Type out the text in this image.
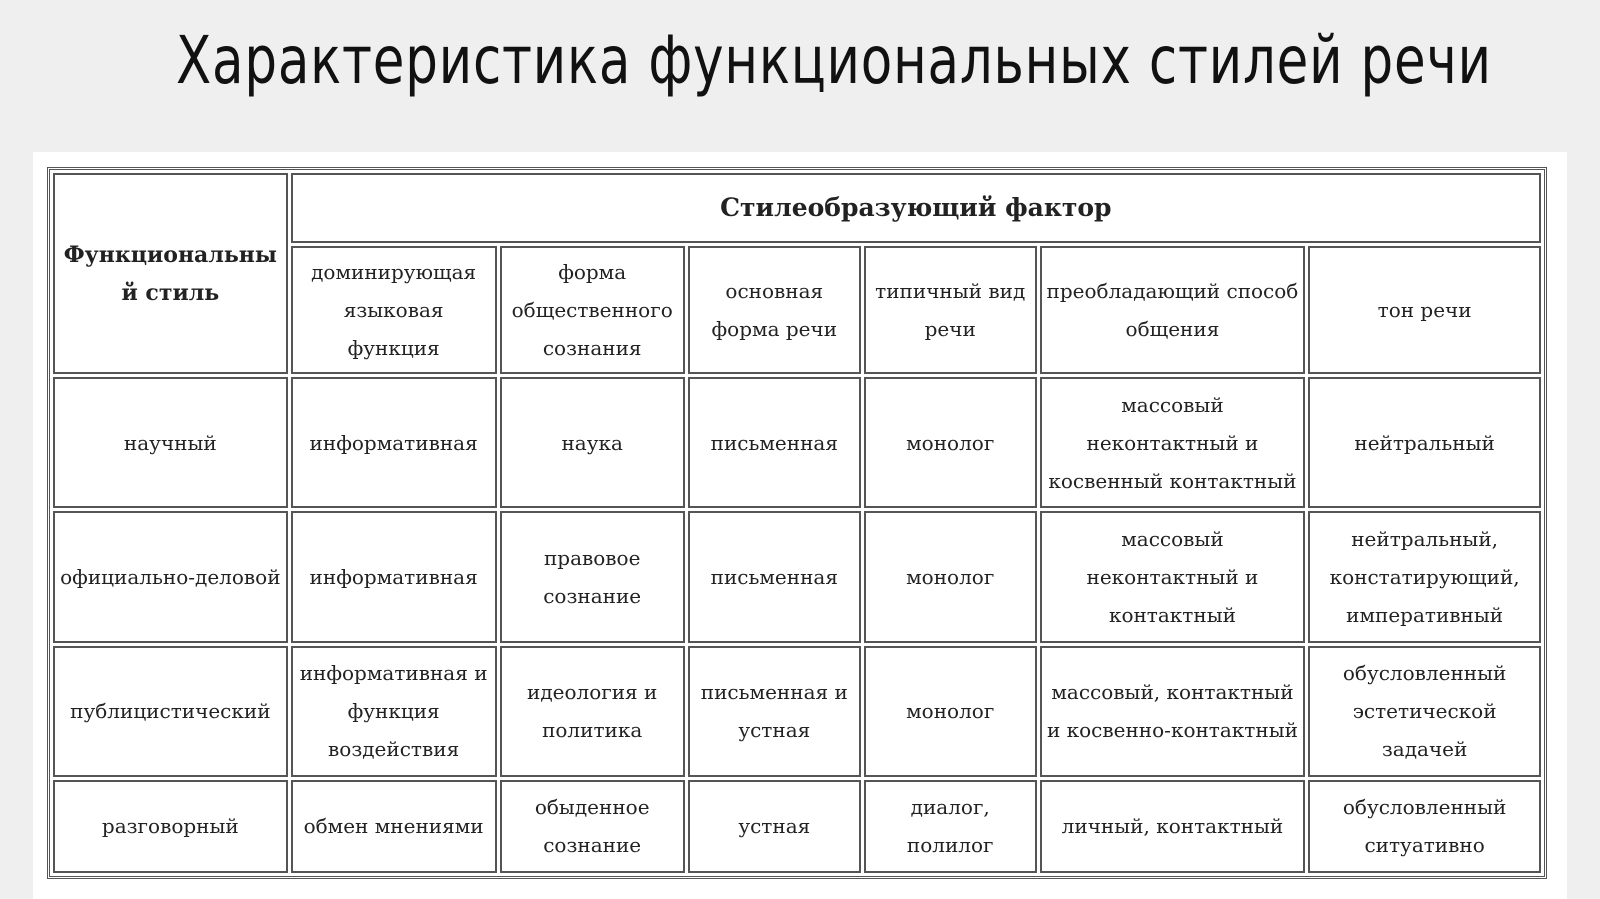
Характеристика функциональных стилей речи
Функциональный стиль	Стилеобразующий фактор					
	доминирующая языковая функция	форма общественного сознания	основная форма речи	типичный вид речи	преобладающий способ общения	тон речи
научный	информативная	наука	письменная	монолог	массовый неконтактный и косвенный контактный	нейтральный
официально-деловой	информативная	правовое сознание	письменная	монолог	массовый неконтактный и контактный	нейтральный, констатирующий, императивный
публицистический	информативная и функция воздействия	идеология и политика	письменная и устная	монолог	массовый, контактный и косвенно-контактный	обусловленный эстетической задачей
разговорный	обмен мнениями	обыденное сознание	устная	диалог, полилог	личный, контактный	обусловленный ситуативно
